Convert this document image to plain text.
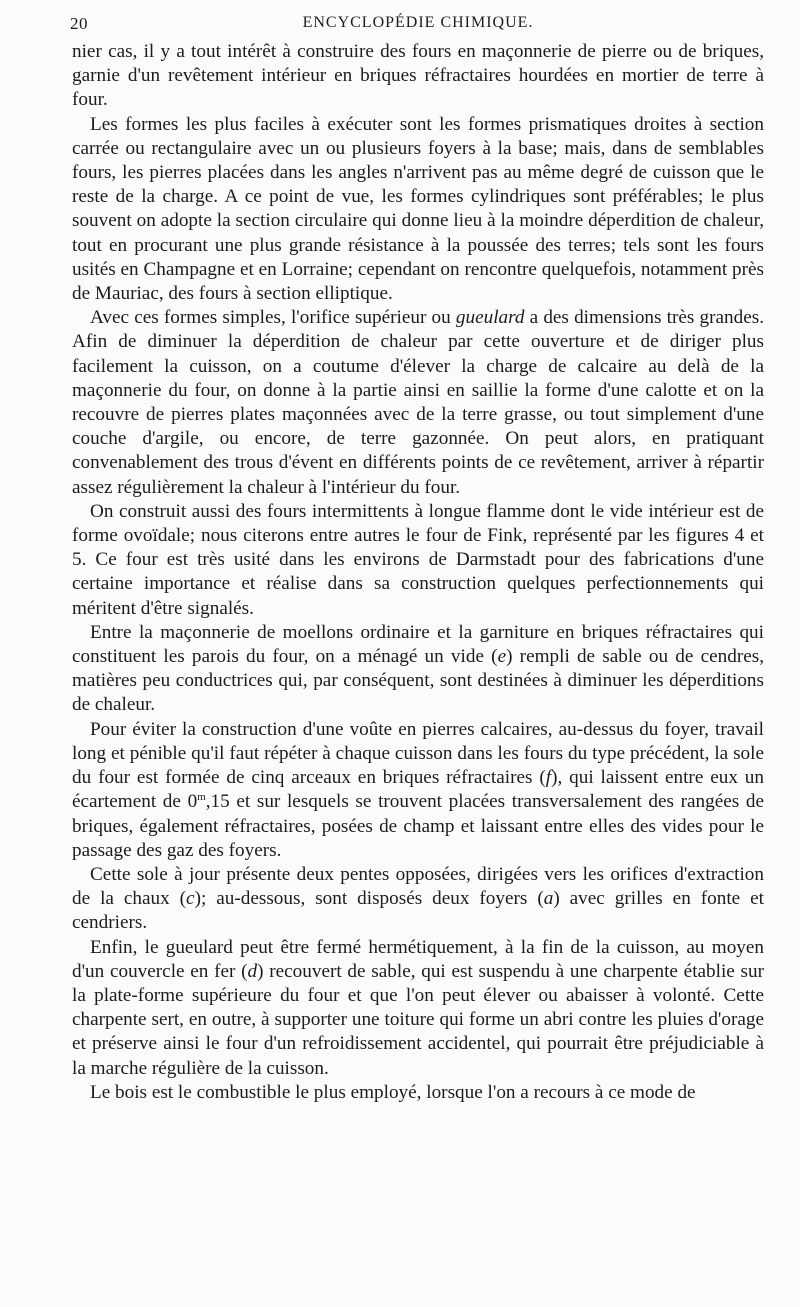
20	ENCYCLOPÉDIE CHIMIQUE.

nier cas, il y a tout intérêt à construire des fours en maçonnerie de pierre ou de briques, garnie d'un revêtement intérieur en briques réfractaires hourdées en mortier de terre à four.

Les formes les plus faciles à exécuter sont les formes prismatiques droites à section carrée ou rectangulaire avec un ou plusieurs foyers à la base; mais, dans de semblables fours, les pierres placées dans les angles n'arrivent pas au même degré de cuisson que le reste de la charge. A ce point de vue, les formes cylindriques sont préférables; le plus souvent on adopte la section circulaire qui donne lieu à la moindre déperdition de chaleur, tout en procurant une plus grande résistance à la poussée des terres; tels sont les fours usités en Champagne et en Lorraine; cependant on rencontre quelquefois, notamment près de Mauriac, des fours à section elliptique.

Avec ces formes simples, l'orifice supérieur ou gueulard a des dimensions très grandes. Afin de diminuer la déperdition de chaleur par cette ouverture et de diriger plus facilement la cuisson, on a coutume d'élever la charge de calcaire au delà de la maçonnerie du four, on donne à la partie ainsi en saillie la forme d'une calotte et on la recouvre de pierres plates maçonnées avec de la terre grasse, ou tout simplement d'une couche d'argile, ou encore, de terre gazonnée. On peut alors, en pratiquant convenablement des trous d'évent en différents points de ce revêtement, arriver à répartir assez régulièrement la chaleur à l'intérieur du four.

On construit aussi des fours intermittents à longue flamme dont le vide intérieur est de forme ovoïdale; nous citerons entre autres le four de Fink, représenté par les figures 4 et 5. Ce four est très usité dans les environs de Darmstadt pour des fabrications d'une certaine importance et réalise dans sa construction quelques perfectionnements qui méritent d'être signalés.

Entre la maçonnerie de moellons ordinaire et la garniture en briques réfractaires qui constituent les parois du four, on a ménagé un vide (e) rempli de sable ou de cendres, matières peu conductrices qui, par conséquent, sont destinées à diminuer les déperditions de chaleur.

Pour éviter la construction d'une voûte en pierres calcaires, au-dessus du foyer, travail long et pénible qu'il faut répéter à chaque cuisson dans les fours du type précédent, la sole du four est formée de cinq arceaux en briques réfractaires (f), qui laissent entre eux un écartement de 0$^m$,15 et sur lesquels se trouvent placées transversalement des rangées de briques, également réfractaires, posées de champ et laissant entre elles des vides pour le passage des gaz des foyers.

Cette sole à jour présente deux pentes opposées, dirigées vers les orifices d'extraction de la chaux (c); au-dessous, sont disposés deux foyers (a) avec grilles en fonte et cendriers.

Enfin, le gueulard peut être fermé hermétiquement, à la fin de la cuisson, au moyen d'un couvercle en fer (d) recouvert de sable, qui est suspendu à une charpente établie sur la plate-forme supérieure du four et que l'on peut élever ou abaisser à volonté. Cette charpente sert, en outre, à supporter une toiture qui forme un abri contre les pluies d'orage et préserve ainsi le four d'un refroidissement accidentel, qui pourrait être préjudiciable à la marche régulière de la cuisson.

Le bois est le combustible le plus employé, lorsque l'on a recours à ce mode de
